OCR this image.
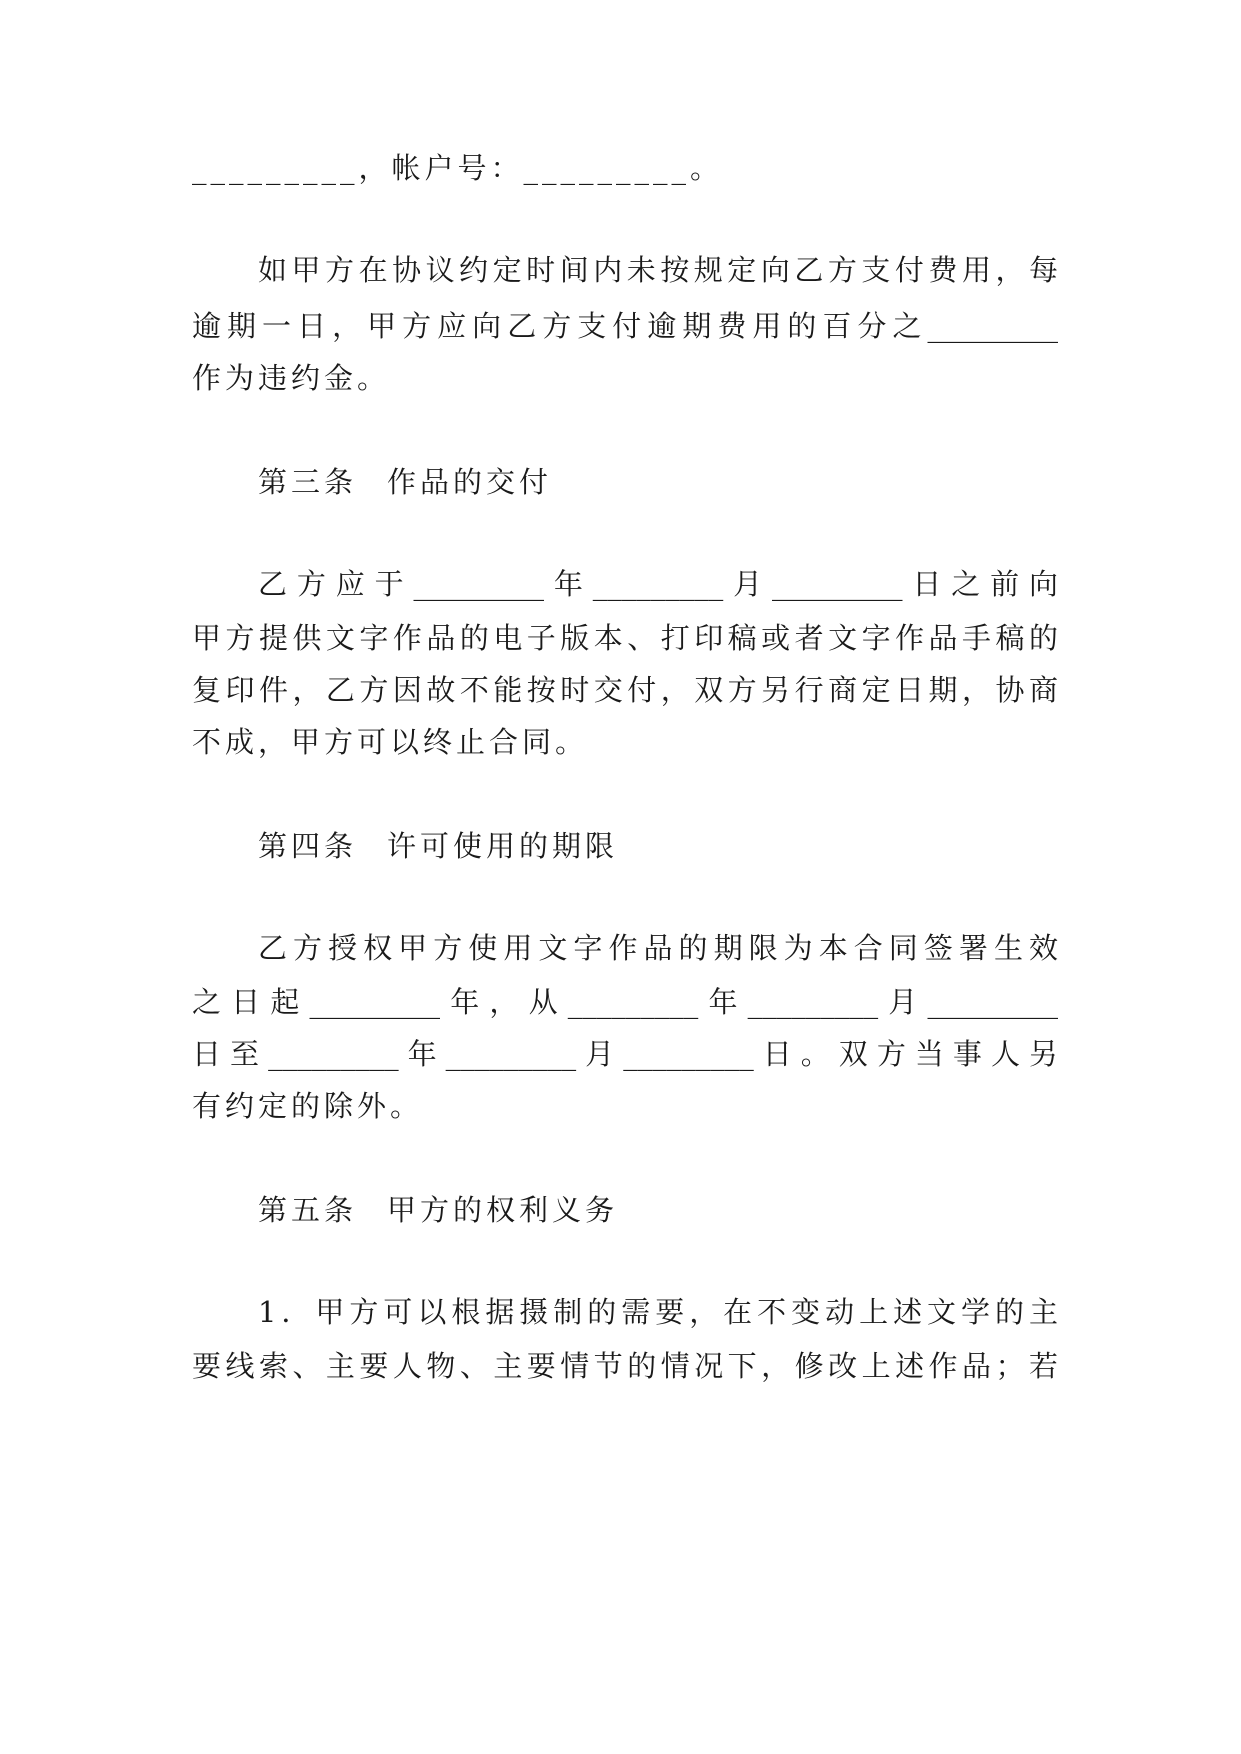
_________，帐户号：_________。
如甲方在协议约定时间内未按规定向乙方支付费用，每
逾期一日，甲方应向乙方支付逾期费用的百分之_________
作为违约金。
第三条 作品的交付
乙方应于_________年_________月_________日之前向
甲方提供文字作品的电子版本、打印稿或者文字作品手稿的
复印件，乙方因故不能按时交付，双方另行商定日期，协商
不成，甲方可以终止合同。
第四条 许可使用的期限
乙方授权甲方使用文字作品的期限为本合同签署生效
之日起_________年，从_________年_________月_________
日至_________年_________月_________日。双方当事人另
有约定的除外。
第五条 甲方的权利义务
1．甲方可以根据摄制的需要，在不变动上述文学的主
要线索、主要人物、主要情节的情况下，修改上述作品；若
